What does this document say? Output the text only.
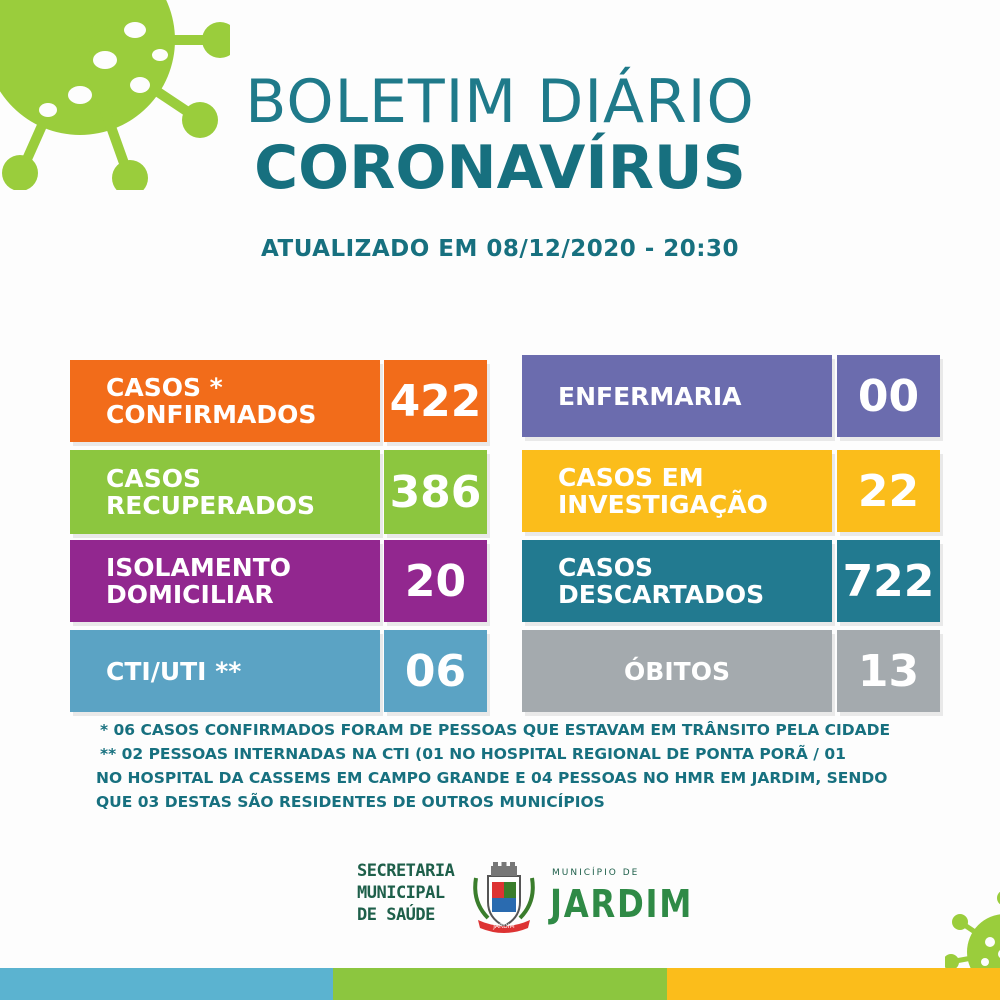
BOLETIM DIÁRIO
CORONAVÍRUS
ATUALIZADO EM 08/12/2020 - 20:30
CASOS *
CONFIRMADOS	422
CASOS
RECUPERADOS	386
ISOLAMENTO
DOMICILIAR	20
CTI/UTI **	06
ENFERMARIA	00
CASOS EM
INVESTIGAÇÃO	22
CASOS
DESCARTADOS	722
ÓBITOS	13

* 06 CASOS CONFIRMADOS FORAM DE PESSOAS QUE ESTAVAM EM TRÂNSITO PELA CIDADE

** 02 PESSOAS INTERNADAS NA CTI (01 NO HOSPITAL REGIONAL DE PONTA PORÃ / 01

NO HOSPITAL DA CASSEMS EM CAMPO GRANDE E 04 PESSOAS NO HMR EM JARDIM, SENDO

QUE 03 DESTAS SÃO RESIDENTES DE OUTROS MUNICÍPIOS

SECRETARIA
MUNICIPAL
DE SAÚDE
JARDIM
MUNICÍPIO DE
JARDIM
